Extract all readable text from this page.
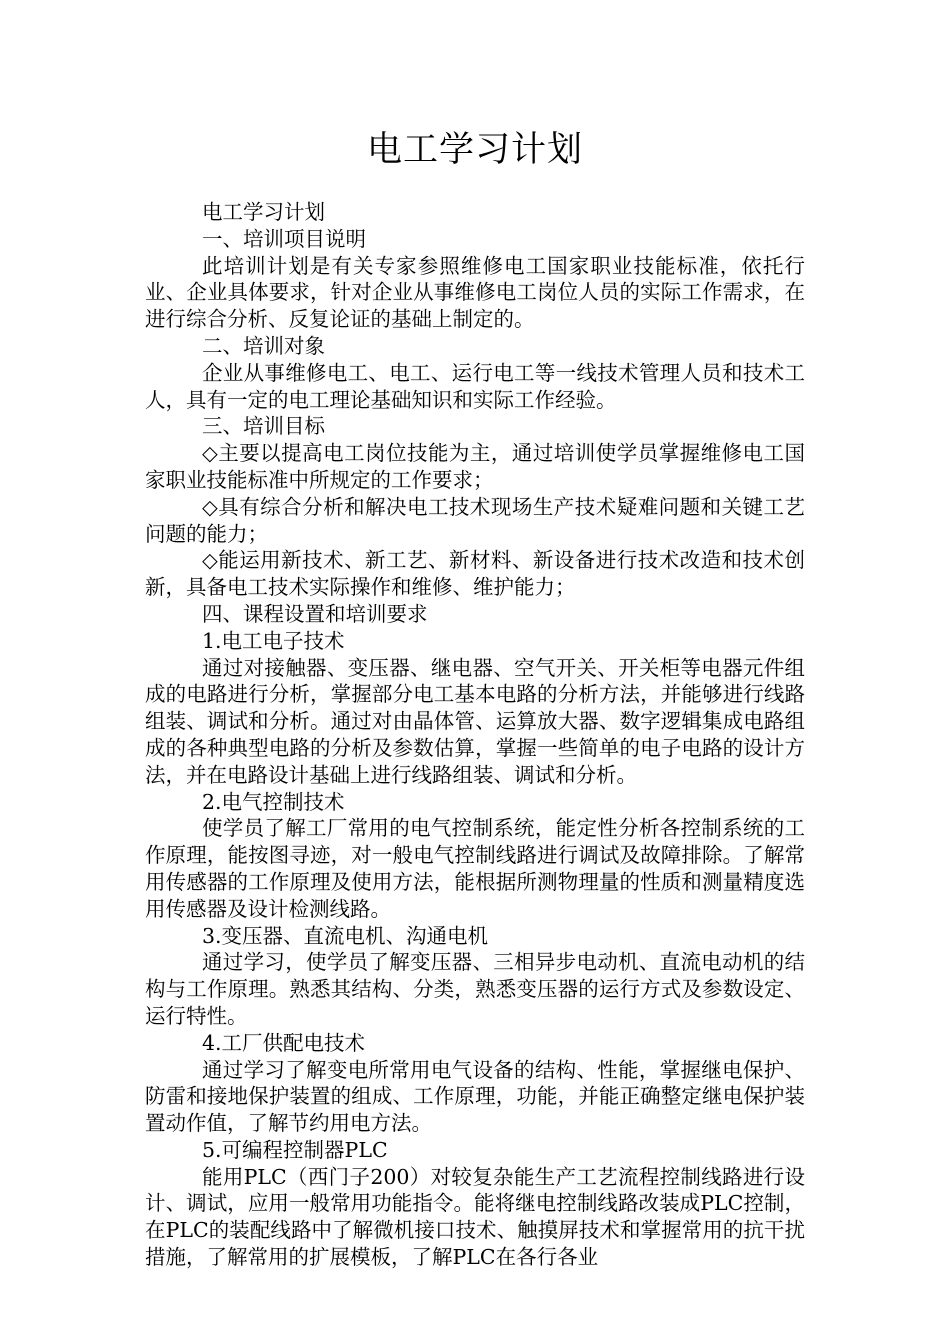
电工学习计划

电工学习计划

一、培训项目说明

此培训计划是有关专家参照维修电工国家职业技能标准，依托行业、企业具体要求，针对企业从事维修电工岗位人员的实际工作需求，在进行综合分析、反复论证的基础上制定的。

二、培训对象

企业从事维修电工、电工、运行电工等一线技术管理人员和技术工人，具有一定的电工理论基础知识和实际工作经验。

三、培训目标

◇主要以提高电工岗位技能为主，通过培训使学员掌握维修电工国家职业技能标准中所规定的工作要求；

◇具有综合分析和解决电工技术现场生产技术疑难问题和关键工艺问题的能力；

◇能运用新技术、新工艺、新材料、新设备进行技术改造和技术创新，具备电工技术实际操作和维修、维护能力；

四、课程设置和培训要求

1.电工电子技术

通过对接触器、变压器、继电器、空气开关、开关柜等电器元件组成的电路进行分析，掌握部分电工基本电路的分析方法，并能够进行线路组装、调试和分析。通过对由晶体管、运算放大器、数字逻辑集成电路组成的各种典型电路的分析及参数估算，掌握一些简单的电子电路的设计方法，并在电路设计基础上进行线路组装、调试和分析。

2.电气控制技术

使学员了解工厂常用的电气控制系统，能定性分析各控制系统的工作原理，能按图寻迹，对一般电气控制线路进行调试及故障排除。了解常用传感器的工作原理及使用方法，能根据所测物理量的性质和测量精度选用传感器及设计检测线路。

3.变压器、直流电机、沟通电机

通过学习，使学员了解变压器、三相异步电动机、直流电动机的结构与工作原理。熟悉其结构、分类，熟悉变压器的运行方式及参数设定、运行特性。

4.工厂供配电技术

通过学习了解变电所常用电气设备的结构、性能，掌握继电保护、防雷和接地保护装置的组成、工作原理，功能，并能正确整定继电保护装置动作值，了解节约用电方法。

5.可编程控制器PLC

能用PLC（西门子200）对较复杂能生产工艺流程控制线路进行设计、调试，应用一般常用功能指令。能将继电控制线路改装成PLC控制，在PLC的装配线路中了解微机接口技术、触摸屏技术和掌握常用的抗干扰措施，了解常用的扩展模板，了解PLC在各行各业
